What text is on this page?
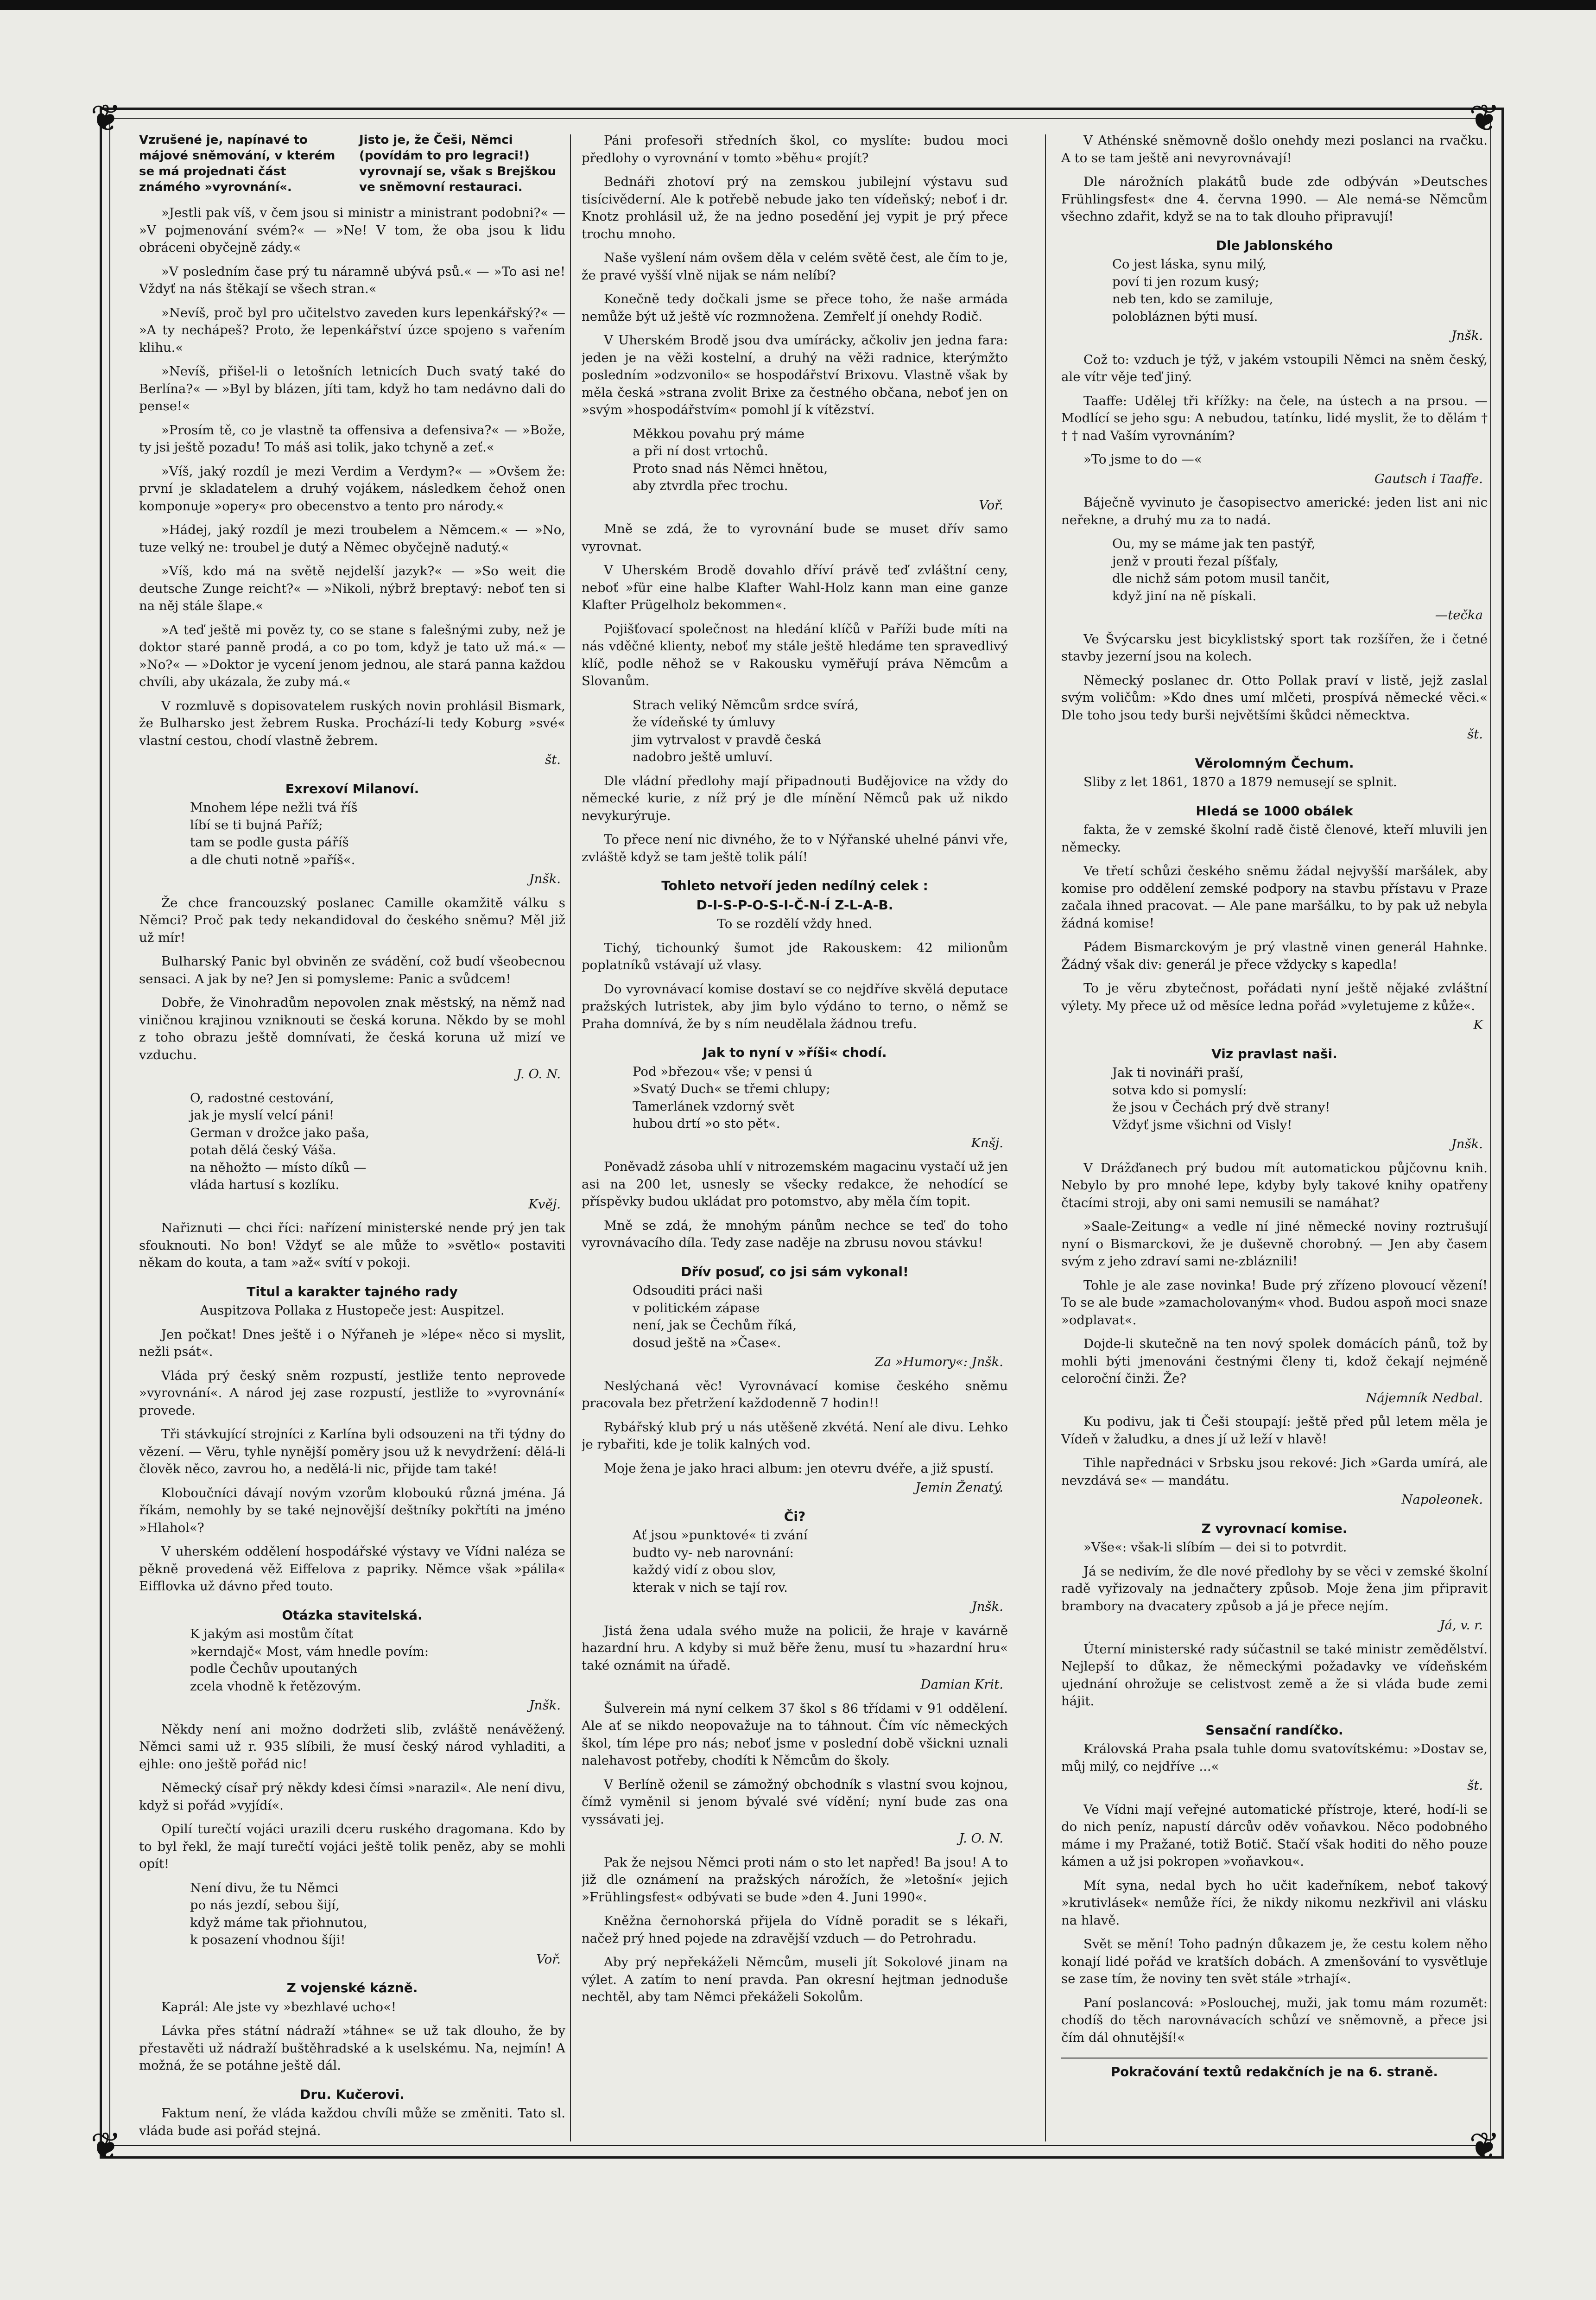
❦	❦
❦	❦
Vzrušené je, napínavé to májové sněmování, v kterém se má projednati část známého »vyrovnání«.
Jisto je, že Češi, Němci (povídám to pro legraci!) vyrovnají se, však s Brejškou ve sněmovní restauraci.

»Jestli pak víš, v čem jsou si ministr a ministrant podobni?« — »V pojmenování svém?« — »Ne! V tom, že oba jsou k lidu obráceni obyčejně zády.«

»V posledním čase prý tu náramně ubývá psů.« — »To asi ne! Vždyť na nás štěkají se všech stran.«

»Nevíš, proč byl pro učitelstvo zaveden kurs lepenkářský?« — »A ty nechápeš? Proto, že lepenkářství úzce spojeno s vařením klihu.«

»Nevíš, přišel-li o letošních letnicích Duch svatý také do Berlína?« — »Byl by blázen, jíti tam, když ho tam nedávno dali do pense!«

»Prosím tě, co je vlastně ta offensiva a defensiva?« — »Bože, ty jsi ještě pozadu! To máš asi tolik, jako tchyně a zeť.«

»Víš, jaký rozdíl je mezi Verdim a Verdym?« — »Ovšem že: první je skladatelem a druhý vojákem, následkem čehož onen komponuje »opery« pro obecenstvo a tento pro národy.«

»Hádej, jaký rozdíl je mezi troubelem a Němcem.« — »No, tuze velký ne: troubel je dutý a Němec obyčejně nadutý.«

»Víš, kdo má na světě nejdelší jazyk?« — »So weit die deutsche Zunge reicht?« — »Nikoli, nýbrž breptavý: neboť ten si na něj stále šlape.«

»A teď ještě mi pověz ty, co se stane s falešnými zuby, než je doktor staré panně prodá, a co po tom, když je tato už má.« — »No?« — »Doktor je vycení jenom jednou, ale stará panna každou chvíli, aby ukázala, že zuby má.«

V rozmluvě s dopisovatelem ruských novin prohlásil Bismark, že Bulharsko jest žebrem Ruska. Prochází-li tedy Koburg »své« vlastní cestou, chodí vlastně žebrem.

št.
Exrexoví Milanoví.
Mnohem lépe nežli tvá říš
líbí se ti bujná Paříž;
tam se podle gusta páříš
a dle chuti notně »paříš«.
Jnšk.

Že chce francouzský poslanec Camille okamžitě válku s Němci? Proč pak tedy nekandidoval do českého sněmu? Měl již už mír!

Bulharský Panic byl obviněn ze svádění, což budí všeobecnou sensaci. A jak by ne? Jen si pomysleme: Panic a svůdcem!

Dobře, že Vinohradům nepovolen znak městský, na němž nad viničnou krajinou vzniknouti se česká koruna. Někdo by se mohl z toho obrazu ještě domnívati, že česká koruna už mizí ve vzduchu.

J. O. N.
O, radostné cestování,
jak je myslí velcí páni!
German v drožce jako paša,
potah dělá český Váša.
na něhožto — místo díků —
vláda hartusí s kozlíku.
Kvěj.

Nařiznuti — chci říci: nařízení ministerské nende prý jen tak sfouknouti. No bon! Vždyť se ale může to »světlo« postaviti někam do kouta, a tam »až« svítí v pokoji.

Titul a karakter tajného rady

Auspitzova Pollaka z Hustopeče jest: Auspitzel.

Jen počkat! Dnes ještě i o Nýřaneh je »lépe« něco si myslit, nežli psát«.

Vláda prý český sněm rozpustí, jestliže tento neprovede »vyrovnání«. A národ jej zase rozpustí, jestliže to »vyrovnání« provede.

Tři stávkující strojníci z Karlína byli odsouzeni na tři týdny do vězení. — Věru, tyhle nynější poměry jsou už k nevydržení: dělá-li člověk něco, zavrou ho, a nedělá-li nic, přijde tam také!

Kloboučníci dávají novým vzorům kloboukú různá jména. Já říkám, nemohly by se také nejnovější deštníky pokřtíti na jméno »Hlahol«?

V uherském oddělení hospodářské výstavy ve Vídni naléza se pěkně provedená věž Eiffelova z papriky. Němce však »pálila« Eifflovka už dávno před touto.

Otázka stavitelská.
K jakým asi mostům čítat
»kerndajč« Most, vám hnedle povím:
podle Čechův upoutaných
zcela vhodně k řetězovým.
Jnšk.

Někdy není ani možno dodržeti slib, zvláště nenávěžený. Němci sami už r. 935 slíbili, že musí český národ vyhladiti, a ejhle: ono ještě pořád nic!

Německý císař prý někdy kdesi čímsi »narazil«. Ale není divu, když si pořád »vyjídí«.

Opilí turečtí vojáci urazili dceru ruského dragomana. Kdo by to byl řekl, že mají turečtí vojáci ještě tolik peněz, aby se mohli opít!

Není divu, že tu Němci
po nás jezdí, sebou šijí,
když máme tak přiohnutou,
k posazení vhodnou šíji!
Voř.
Z vojenské kázně.

Kaprál: Ale jste vy »bezhlavé ucho«!

Lávka přes státní nádraží »táhne« se už tak dlouho, že by přestavěti už nádraží buštěhradské a k uselskému. Na, nejmín! A možná, že se potáhne ještě dál.

Dru. Kučerovi.

Faktum není, že vláda každou chvíli může se změniti. Tato sl. vláda bude asi pořád stejná.

Páni profesoři středních škol, co myslíte: budou moci předlohy o vyrovnání v tomto »běhu« projít?

Bednáři zhotoví prý na zemskou jubilejní výstavu sud tisícivěderní. Ale k potřebě nebude jako ten vídeňský; neboť i dr. Knotz prohlásil už, že na jedno posedění jej vypit je prý přece trochu mnoho.

Naše vyšlení nám ovšem děla v celém světě čest, ale čím to je, že pravé vyšší vlně nijak se nám nelíbí?

Konečně tedy dočkali jsme se přece toho, že naše armáda nemůže být už ještě víc rozmnožena. Zemřelť jí onehdy Rodič.

V Uherském Brodě jsou dva umírácky, ačkoliv jen jedna fara: jeden je na věži kostelní, a druhý na věži radnice, kterýmžto posledním »odzvonilo« se hospodářství Brixovu. Vlastně však by měla česká »strana zvolit Brixe za čestného občana, neboť jen on »svým »hospodářstvím« pomohl jí k vítězství.

Měkkou povahu prý máme
a při ní dost vrtochů.
Proto snad nás Němci hnětou,
aby ztvrdla přec trochu.
Voř.

Mně se zdá, že to vyrovnání bude se muset dřív samo vyrovnat.

V Uherském Brodě dovahlo dříví právě teď zvláštní ceny, neboť »für eine halbe Klafter Wahl-Holz kann man eine ganze Klafter Prügelholz bekommen«.

Pojišťovací společnost na hledání klíčů v Paříži bude míti na nás vděčné klienty, neboť my stále ještě hledáme ten spravedlivý klíč, podle něhož se v Rakousku vyměřují práva Němcům a Slovanům.

Strach veliký Němcům srdce svírá,
že vídeňské ty úmluvy
jim vytrvalost v pravdě česká
nadobro ještě umluví.

Dle vládní předlohy mají připadnouti Budějovice na vždy do německé kurie, z níž prý je dle mínění Němců pak už nikdo nevykurýruje.

To přece není nic divného, že to v Nýřanské uhelné pánvi vře, zvláště když se tam ještě tolik pálí!

Tohleto netvoří jeden nedílný celek :
D-I-S-P-O-S-I-Č-N-Í Z-L-A-B.

To se rozdělí vždy hned.

Tichý, tichounký šumot jde Rakouskem: 42 milionům poplatníků vstávají už vlasy.

Do vyrovnávací komise dostaví se co nejdříve skvělá deputace pražských lutristek, aby jim bylo výdáno to terno, o němž se Praha domnívá, že by s ním neudělala žádnou trefu.

Jak to nyní v »říši« chodí.
Pod »březou« vše; v pensi ú
»Svatý Duch« se třemi chlupy;
Tamerlánek vzdorný svět
hubou drtí »o sto pět«.
Knšj.

Poněvadž zásoba uhlí v nitrozemském magacinu vystačí už jen asi na 200 let, usnesly se všecky redakce, že nehodící se příspěvky budou ukládat pro potomstvo, aby měla čím topit.

Mně se zdá, že mnohým pánům nechce se teď do toho vyrovnávacího díla. Tedy zase naděje na zbrusu novou stávku!

Dřív posuď, co jsi sám vykonal!
Odsouditi práci naši
v politickém zápase
není, jak se Čechům říká,
dosud ještě na »Čase«.
Za »Humory«: Jnšk.

Neslýchaná věc! Vyrovnávací komise českého sněmu pracovala bez přetržení každodenně 7 hodin!!

Rybářský klub prý u nás utěšeně zkvétá. Není ale divu. Lehko je rybařiti, kde je tolik kalných vod.

Moje žena je jako hraci album: jen otevru dvéře, a již spustí.

Jemin Ženatý.
Či?
Ať jsou »punktové« ti zvání
budto vy- neb narovnání:
každý vidí z obou slov,
kterak v nich se tají rov.
Jnšk.

Jistá žena udala svého muže na policii, že hraje v kavárně hazardní hru. A kdyby si muž běře ženu, musí tu »hazardní hru« také oznámit na úřadě.

Damian Krit.

Šulverein má nyní celkem 37 škol s 86 třídami v 91 oddělení. Ale ať se nikdo neopovažuje na to táhnout. Čím víc německých škol, tím lépe pro nás; neboť jsme v poslední době všickni uznali nalehavost potřeby, chodíti k Němcům do školy.

V Berlíně oženil se zámožný obchodník s vlastní svou kojnou, čímž vyměnil si jenom bývalé své vídění; nyní bude zas ona vyssávati jej.

J. O. N.

Pak že nejsou Němci proti nám o sto let napřed! Ba jsou! A to již dle oznámení na pražských nárožích, že »letošní« jejich »Frühlingsfest« odbývati se bude »den 4. Juni 1990«.

Kněžna černohorská přijela do Vídně poradit se s lékaři, načež prý hned pojede na zdravější vzduch — do Petrohradu.

Aby prý nepřekáželi Němcům, museli jít Sokolové jinam na výlet. A zatím to není pravda. Pan okresní hejtman jednoduše nechtěl, aby tam Němci překáželi Sokolům.

V Athénské sněmovně došlo onehdy mezi poslanci na rvačku. A to se tam ještě ani nevyrovnávají!

Dle nárožních plakátů bude zde odbýván »Deutsches Frühlingsfest« dne 4. června 1990. — Ale nemá-se Němcům všechno zdařit, když se na to tak dlouho připravují!

Dle Jablonského
Co jest láska, synu milý,
poví ti jen rozum kusý;
neb ten, kdo se zamiluje,
polobláznen býti musí.
Jnšk.

Což to: vzduch je týž, v jakém vstoupili Němci na sněm český, ale vítr věje teď jiný.

Taaffe: Udělej tři křížky: na čele, na ústech a na prsou. — Modlící se jeho sgu: A nebudou, tatínku, lidé myslit, že to dělám † † † nad Vaším vyrovnáním?

»To jsme to do —«

Gautsch i Taaffe.

Báječně vyvinuto je časopisectvo americké: jeden list ani nic neřekne, a druhý mu za to nadá.

Ou, my se máme jak ten pastýř,
jenž v prouti řezal píšťaly,
dle nichž sám potom musil tančit,
když jiní na ně pískali.
—tečka

Ve Švýcarsku jest bicyklistský sport tak rozšířen, že i četné stavby jezerní jsou na kolech.

Německý poslanec dr. Otto Pollak praví v listě, jejž zaslal svým voličům: »Kdo dnes umí mlčeti, prospívá německé věci.« Dle toho jsou tedy burši největšími škůdci německtva.

št.
Věrolomným Čechum.

Sliby z let 1861, 1870 a 1879 nemusejí se splnit.

Hledá se 1000 obálek

fakta, že v zemské školní radě čistě členové, kteří mluvili jen německy.

Ve třetí schůzi českého sněmu žádal nejvyšší maršálek, aby komise pro oddělení zemské podpory na stavbu přístavu v Praze začala ihned pracovat. — Ale pane maršálku, to by pak už nebyla žádná komise!

Pádem Bismarckovým je prý vlastně vinen generál Hahnke. Žádný však div: generál je přece vždycky s kapedla!

To je věru zbytečnost, pořádati nyní ještě nějaké zvláštní výlety. My přece už od měsíce ledna pořád »vyletujeme z kůže«.

K
Viz pravlast naši.
Jak ti novináři praší,
sotva kdo si pomyslí:
že jsou v Čechách prý dvě strany!
Vždyť jsme všichni od Visly!
Jnšk.

V Drážďanech prý budou mít automatickou půjčovnu knih. Nebylo by pro mnohé lepe, kdyby byly takové knihy opatřeny čtacími stroji, aby oni sami nemusili se namáhat?

»Saale-Zeitung« a vedle ní jiné německé noviny roztrušují nyní o Bismarckovi, že je duševně chorobný. — Jen aby časem svým z jeho zdraví sami ne-zbláznili!

Tohle je ale zase novinka! Bude prý zřízeno plovoucí vězení! To se ale bude »zamacholovaným« vhod. Budou aspoň moci snaze »odplavat«.

Dojde-li skutečně na ten nový spolek domácích pánů, tož by mohli býti jmenováni čestnými členy ti, kdož čekají nejméně celoroční činži. Že?

Nájemník Nedbal.

Ku podivu, jak ti Češi stoupají: ještě před půl letem měla je Vídeň v žaludku, a dnes jí už leží v hlavě!

Tihle napřednáci v Srbsku jsou rekové: Jich »Garda umírá, ale nevzdává se« — mandátu.

Napoleonek.
Z vyrovnací komise.

»Vše«: však-li slíbím — dei si to potvrdit.

Já se nedivím, že dle nové předlohy by se věci v zemské školní radě vyřizovaly na jednačtery způsob. Moje žena jim připravit brambory na dvacatery způsob a já je přece nejím.

Já, v. r.

Úterní ministerské rady súčastnil se také ministr zemědělství. Nejlepší to důkaz, že německými požadavky ve vídeňském ujednání ohrožuje se celistvost země a že si vláda bude zemi hájit.

Sensační randíčko.

Královská Praha psala tuhle domu svatovítskému: »Dostav se, můj milý, co nejdříve ...«

št.

Ve Vídni mají veřejné automatické přístroje, které, hodí-li se do nich peníz, napustí dárcův oděv voňavkou. Něco podobného máme i my Pražané, totiž Botič. Stačí však hoditi do něho pouze kámen a už jsi pokropen »voňavkou«.

Mít syna, nedal bych ho učit kadeřníkem, neboť takový »krutivlásek« nemůže říci, že nikdy nikomu nezkřivil ani vlásku na hlavě.

Svět se mění! Toho padnýn důkazem je, že cestu kolem něho konají lidé pořád ve kratších dobách. A zmenšování to vysvětluje se zase tím, že noviny ten svět stále »trhají«.

Paní poslancová: »Poslouchej, muži, jak tomu mám rozumět: chodíš do těch narovnávacích schůzí ve sněmovně, a přece jsi čím dál ohnutější!«

Pokračování textů redakčních je na 6. straně.
